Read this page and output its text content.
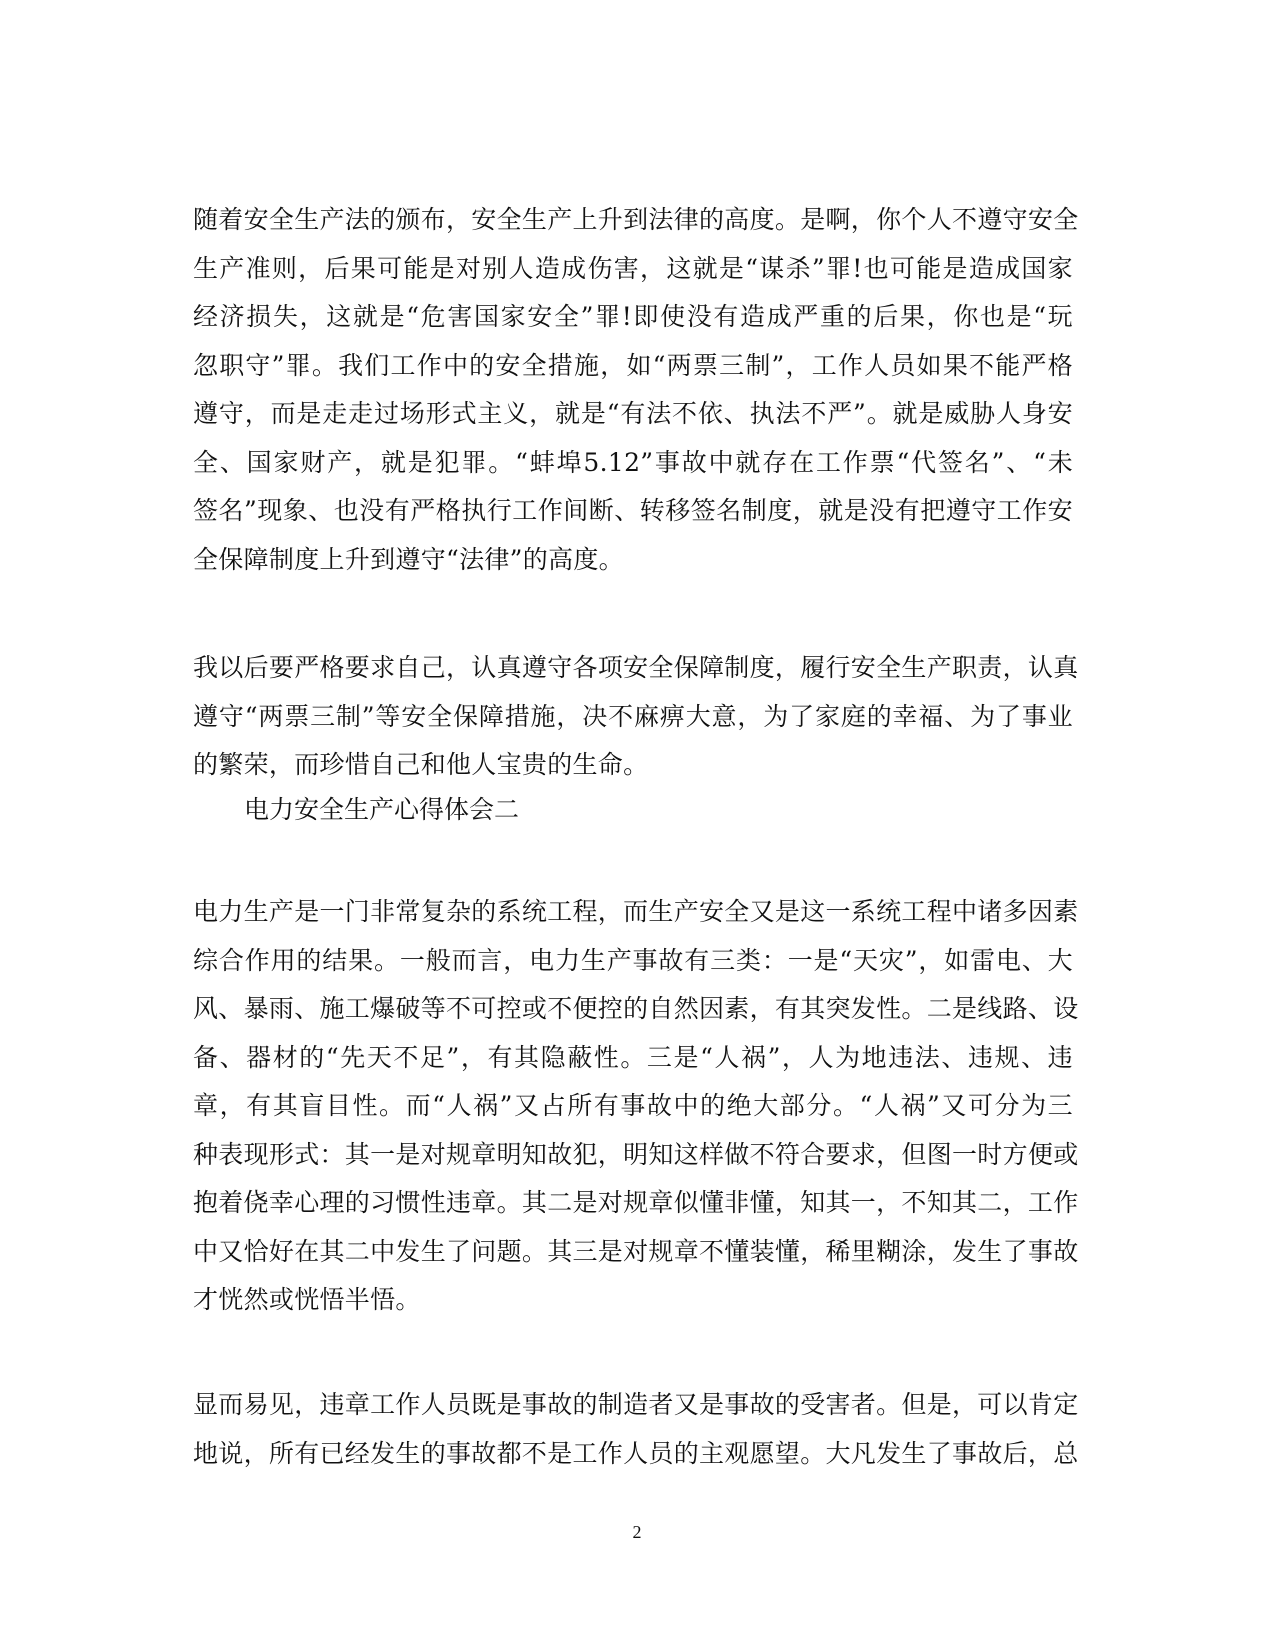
随着安全生产法的颁布，安全生产上升到法律的高度。是啊，你个人不遵守安全
生产准则，后果可能是对别人造成伤害，这就是“谋杀”罪!也可能是造成国家
经济损失，这就是“危害国家安全”罪!即使没有造成严重的后果，你也是“玩
忽职守”罪。我们工作中的安全措施，如“两票三制”，工作人员如果不能严格
遵守，而是走走过场形式主义，就是“有法不依、执法不严”。就是威胁人身安
全、国家财产，就是犯罪。“蚌埠5.12”事故中就存在工作票“代签名”、“未
签名”现象、也没有严格执行工作间断、转移签名制度，就是没有把遵守工作安
全保障制度上升到遵守“法律”的高度。
我以后要严格要求自己，认真遵守各项安全保障制度，履行安全生产职责，认真
遵守“两票三制”等安全保障措施，决不麻痹大意，为了家庭的幸福、为了事业
的繁荣，而珍惜自己和他人宝贵的生命。
电力安全生产心得体会二
电力生产是一门非常复杂的系统工程，而生产安全又是这一系统工程中诸多因素
综合作用的结果。一般而言，电力生产事故有三类：一是“天灾”，如雷电、大
风、暴雨、施工爆破等不可控或不便控的自然因素，有其突发性。二是线路、设
备、器材的“先天不足”，有其隐蔽性。三是“人祸”，人为地违法、违规、违
章，有其盲目性。而“人祸”又占所有事故中的绝大部分。“人祸”又可分为三
种表现形式：其一是对规章明知故犯，明知这样做不符合要求，但图一时方便或
抱着侥幸心理的习惯性违章。其二是对规章似懂非懂，知其一，不知其二，工作
中又恰好在其二中发生了问题。其三是对规章不懂装懂，稀里糊涂，发生了事故
才恍然或恍悟半悟。
显而易见，违章工作人员既是事故的制造者又是事故的受害者。但是，可以肯定
地说，所有已经发生的事故都不是工作人员的主观愿望。大凡发生了事故后，总
2
